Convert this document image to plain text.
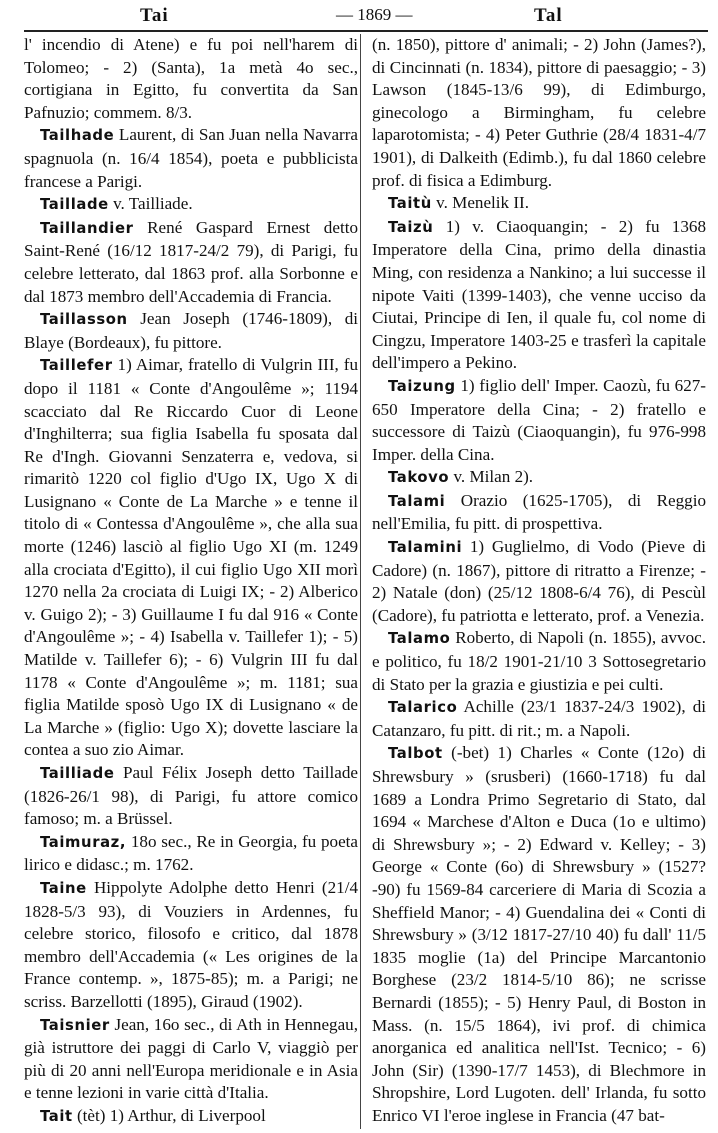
Tai	— 1869 —	Tal

l' incendio di Atene) e fu poi nell'harem di Tolomeo; - 2) (Santa), 1a metà 4o sec., cortigiana in Egitto, fu convertita da San Pafnuzio; commem. 8/3.

Tailhade Laurent, di San Juan nella Navarra spagnuola (n. 16/4 1854), poeta e pubblicista francese a Parigi.

Taillade v. Tailliade.

Taillandier René Gaspard Ernest detto Saint-René (16/12 1817-24/2 79), di Parigi, fu celebre letterato, dal 1863 prof. alla Sorbonne e dal 1873 membro dell'Accademia di Francia.

Taillasson Jean Joseph (1746-1809), di Blaye (Bordeaux), fu pittore.

Taillefer 1) Aimar, fratello di Vulgrin III, fu dopo il 1181 « Conte d'Angoulême »; 1194 scacciato dal Re Riccardo Cuor di Leone d'Inghilterra; sua figlia Isabella fu sposata dal Re d'Ingh. Giovanni Senzaterra e, vedova, si rimaritò 1220 col figlio d'Ugo IX, Ugo X di Lusignano « Conte de La Marche » e tenne il titolo di « Contessa d'Angoulême », che alla sua morte (1246) lasciò al figlio Ugo XI (m. 1249 alla crociata d'Egitto), il cui figlio Ugo XII morì 1270 nella 2a crociata di Luigi IX; - 2) Alberico v. Guigo 2); - 3) Guillaume I fu dal 916 « Conte d'Angoulême »; - 4) Isabella v. Taillefer 1); - 5) Matilde v. Taillefer 6); - 6) Vulgrin III fu dal 1178 « Conte d'Angoulême »; m. 1181; sua figlia Matilde sposò Ugo IX di Lusignano « de La Marche » (figlio: Ugo X); dovette lasciare la contea a suo zio Aimar.

Tailliade Paul Félix Joseph detto Taillade (1826-26/1 98), di Parigi, fu attore comico famoso; m. a Brüssel.

Taimuraz, 18o sec., Re in Georgia, fu poeta lirico e didasc.; m. 1762.

Taine Hippolyte Adolphe detto Henri (21/4 1828-5/3 93), di Vouziers in Ardennes, fu celebre storico, filosofo e critico, dal 1878 membro dell'Accademia (« Les origines de la France contemp. », 1875-85); m. a Parigi; ne scriss. Barzellotti (1895), Giraud (1902).

Taisnier Jean, 16o sec., di Ath in Hennegau, già istruttore dei paggi di Carlo V, viaggiò per più di 20 anni nell'Europa meridionale e in Asia e tenne lezioni in varie città d'Italia.

Tait (tèt) 1) Arthur, di Liverpool

(n. 1850), pittore d' animali; - 2) John (James?), di Cincinnati (n. 1834), pittore di paesaggio; - 3) Lawson (1845-13/6 99), di Edimburgo, ginecologo a Birmingham, fu celebre laparotomista; - 4) Peter Guthrie (28/4 1831-4/7 1901), di Dalkeith (Edimb.), fu dal 1860 celebre prof. di fisica a Edimburg.

Taitù v. Menelik II.

Taizù 1) v. Ciaoquangin; - 2) fu 1368 Imperatore della Cina, primo della dinastia Ming, con residenza a Nankino; a lui successe il nipote Vaiti (1399-1403), che venne ucciso da Ciutai, Principe di Ien, il quale fu, col nome di Cingzu, Imperatore 1403-25 e trasferì la capitale dell'impero a Pekino.

Taizung 1) figlio dell' Imper. Caozù, fu 627-650 Imperatore della Cina; - 2) fratello e successore di Taizù (Ciaoquangin), fu 976-998 Imper. della Cina.

Takovo v. Milan 2).

Talami Orazio (1625-1705), di Reggio nell'Emilia, fu pitt. di prospettiva.

Talamini 1) Guglielmo, di Vodo (Pieve di Cadore) (n. 1867), pittore di ritratto a Firenze; - 2) Natale (don) (25/12 1808-6/4 76), di Pescùl (Cadore), fu patriotta e letterato, prof. a Venezia.

Talamo Roberto, di Napoli (n. 1855), avvoc. e politico, fu 18/2 1901-21/10 3 Sottosegretario di Stato per la grazia e giustizia e pei culti.

Talarico Achille (23/1 1837-24/3 1902), di Catanzaro, fu pitt. di rit.; m. a Napoli.

Talbot (-bet) 1) Charles « Conte (12o) di Shrewsbury » (srusberi) (1660-1718) fu dal 1689 a Londra Primo Segretario di Stato, dal 1694 « Marchese d'Alton e Duca (1o e ultimo) di Shrewsbury »; - 2) Edward v. Kelley; - 3) George « Conte (6o) di Shrewsbury » (1527?-90) fu 1569-84 carceriere di Maria di Scozia a Sheffield Manor; - 4) Guendalina dei « Conti di Shrewsbury » (3/12 1817-27/10 40) fu dall' 11/5 1835 moglie (1a) del Principe Marcantonio Borghese (23/2 1814-5/10 86); ne scrisse Bernardi (1855); - 5) Henry Paul, di Boston in Mass. (n. 15/5 1864), ivi prof. di chimica anorganica ed analitica nell'Ist. Tecnico; - 6) John (Sir) (1390-17/7 1453), di Blechmore in Shropshire, Lord Lugoten. dell' Irlanda, fu sotto Enrico VI l'eroe inglese in Francia (47 bat-
